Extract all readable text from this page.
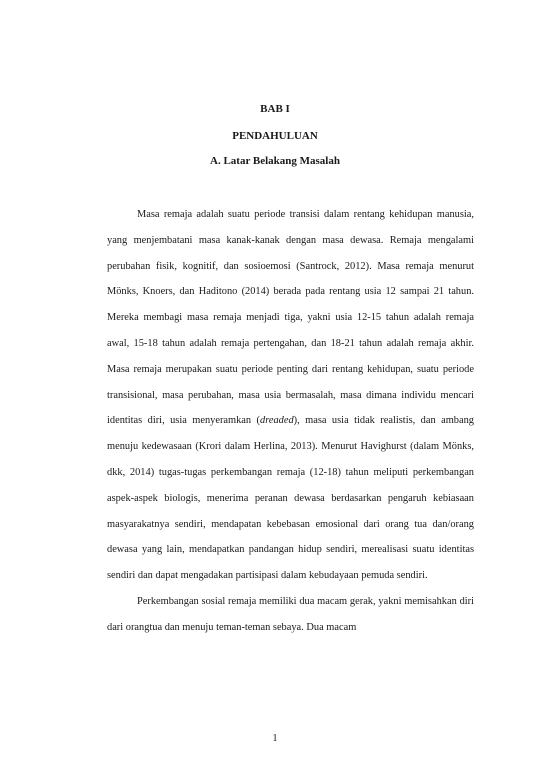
BAB I
PENDAHULUAN
A. Latar Belakang Masalah

Masa remaja adalah suatu periode transisi dalam rentang kehidupan manusia, yang menjembatani masa kanak-kanak dengan masa dewasa. Remaja mengalami perubahan fisik, kognitif, dan sosioemosi (Santrock, 2012). Masa remaja menurut Mönks, Knoers, dan Haditono (2014) berada pada rentang usia 12 sampai 21 tahun. Mereka membagi masa remaja menjadi tiga, yakni usia 12-15 tahun adalah remaja awal, 15-18 tahun adalah remaja pertengahan, dan 18-21 tahun adalah remaja akhir. Masa remaja merupakan suatu periode penting dari rentang kehidupan, suatu periode transisional, masa perubahan, masa usia bermasalah, masa dimana individu mencari identitas diri, usia menyeramkan (dreaded), masa usia tidak realistis, dan ambang menuju kedewasaan (Krori dalam Herlina, 2013). Menurut Havighurst (dalam Mönks, dkk, 2014) tugas-tugas perkembangan remaja (12-18) tahun meliputi perkembangan aspek-aspek biologis, menerima peranan dewasa berdasarkan pengaruh kebiasaan masyarakatnya sendiri, mendapatan kebebasan emosional dari orang tua dan/orang dewasa yang lain, mendapatkan pandangan hidup sendiri, merealisasi suatu identitas sendiri dan dapat mengadakan partisipasi dalam kebudayaan pemuda sendiri.

Perkembangan sosial remaja memiliki dua macam gerak, yakni memisahkan diri dari orangtua dan menuju teman-teman sebaya. Dua macam

1
